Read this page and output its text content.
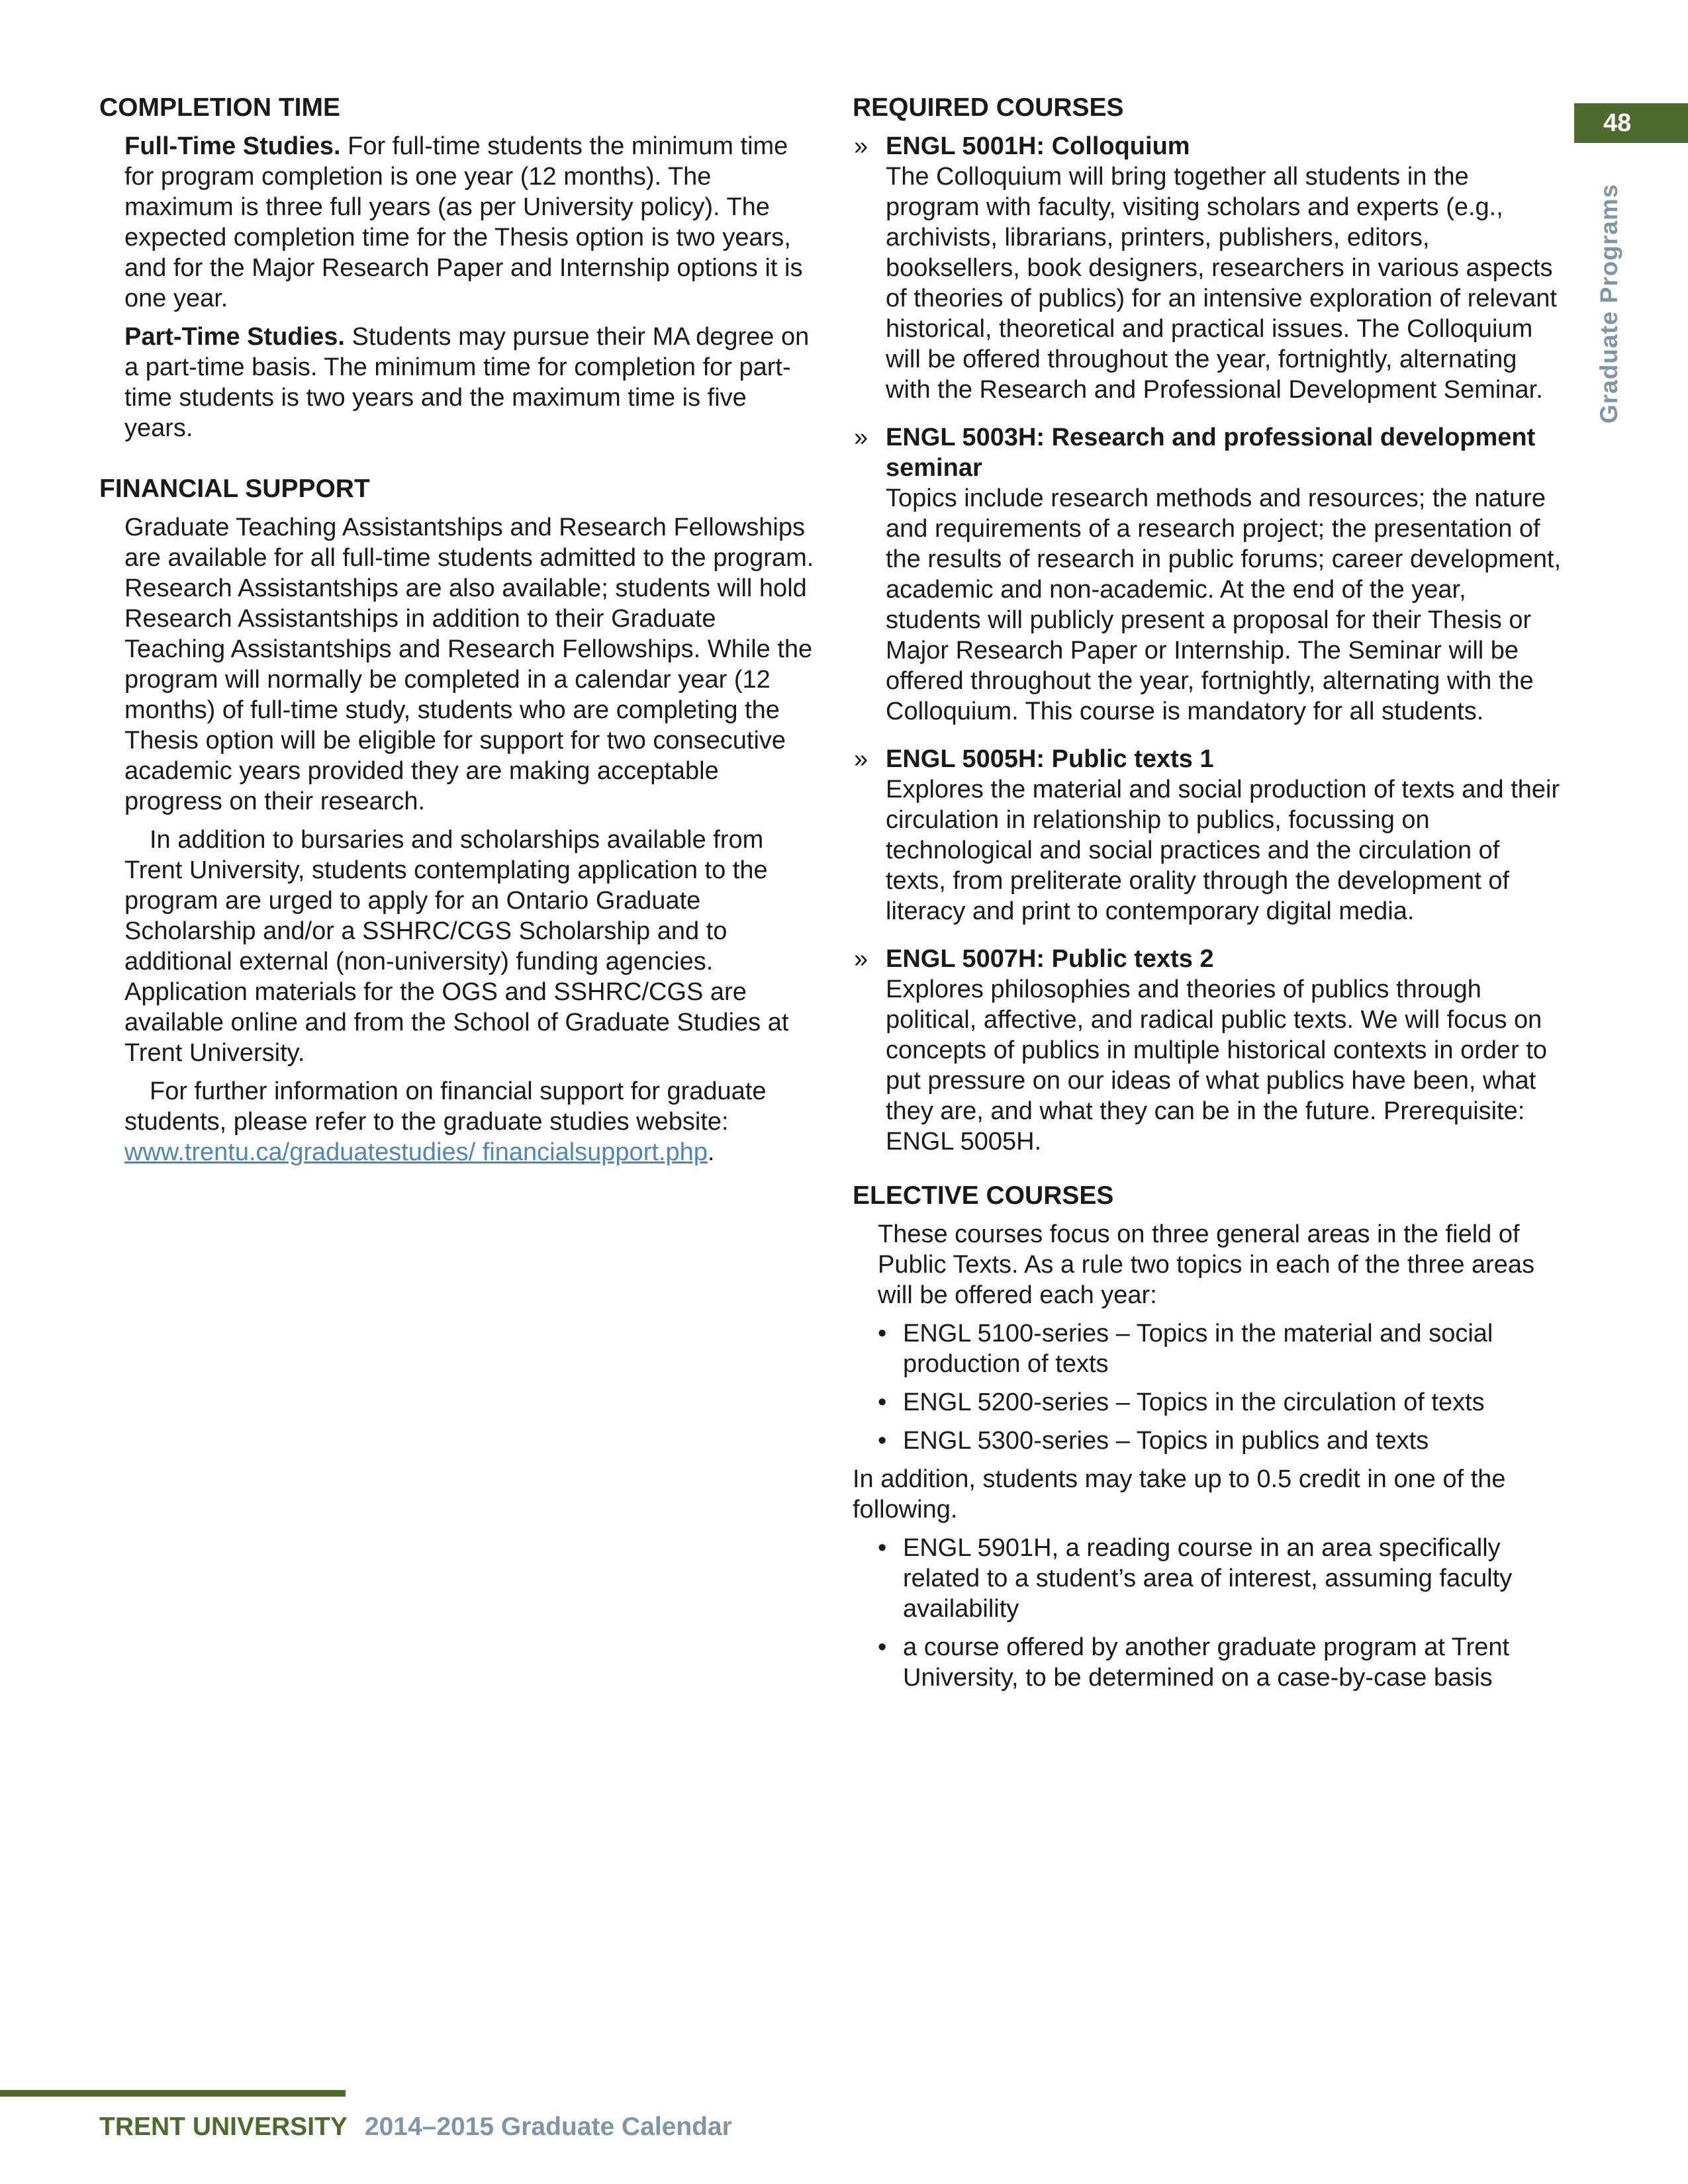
48
Graduate Programs
COMPLETION TIME

Full-Time Studies. For full-time students the minimum time for program completion is one year (12 months). The maximum is three full years (as per University policy). The expected completion time for the Thesis option is two years, and for the Major Research Paper and Internship options it is one year.

Part-Time Studies. Students may pursue their MA degree on a part-time basis. The minimum time for completion for part-time students is two years and the maximum time is five years.

FINANCIAL SUPPORT

Graduate Teaching Assistantships and Research Fellowships are available for all full-time students admitted to the program. Research Assistantships are also available; students will hold Research Assistantships in addition to their Graduate Teaching Assistantships and Research Fellowships. While the program will normally be completed in a calendar year (12 months) of full-time study, students who are completing the Thesis option will be eligible for support for two consecutive academic years provided they are making acceptable progress on their research.

In addition to bursaries and scholarships available from Trent University, students contemplating application to the program are urged to apply for an Ontario Graduate Scholarship and/or a SSHRC/CGS Scholarship and to additional external (non-university) funding agencies. Application materials for the OGS and SSHRC/CGS are available online and from the School of Graduate Studies at Trent University.

For further information on financial support for graduate students, please refer to the graduate studies website: www.trentu.ca/graduatestudies/ financialsupport.php.

REQUIRED COURSES
» ENGL 5001H: Colloquium
The Colloquium will bring together all students in the program with faculty, visiting scholars and experts (e.g., archivists, librarians, printers, publishers, editors, booksellers, book designers, researchers in various aspects of theories of publics) for an intensive exploration of relevant historical, theoretical and practical issues. The Colloquium will be offered throughout the year, fortnightly, alternating with the Research and Professional Development Seminar.
» ENGL 5003H: Research and professional development seminar
Topics include research methods and resources; the nature and requirements of a research project; the presentation of the results of research in public forums; career development, academic and non-academic. At the end of the year, students will publicly present a proposal for their Thesis or Major Research Paper or Internship. The Seminar will be offered throughout the year, fortnightly, alternating with the Colloquium. This course is mandatory for all students.
» ENGL 5005H: Public texts 1
Explores the material and social production of texts and their circulation in relationship to publics, focussing on technological and social practices and the circulation of texts, from preliterate orality through the development of literacy and print to contemporary digital media.
» ENGL 5007H: Public texts 2
Explores philosophies and theories of publics through political, affective, and radical public texts. We will focus on concepts of publics in multiple historical contexts in order to put pressure on our ideas of what publics have been, what they are, and what they can be in the future. Prerequisite: ENGL 5005H.
ELECTIVE COURSES

These courses focus on three general areas in the field of Public Texts. As a rule two topics in each of the three areas will be offered each year:

• ENGL 5100-series – Topics in the material and social production of texts
• ENGL 5200-series – Topics in the circulation of texts
• ENGL 5300-series – Topics in publics and texts

In addition, students may take up to 0.5 credit in one of the following.

• ENGL 5901H, a reading course in an area specifically related to a student’s area of interest, assuming faculty availability
• a course offered by another graduate program at Trent University, to be determined on a case-by-case basis
TRENT UNIVERSITY 2014–2015 Graduate Calendar
